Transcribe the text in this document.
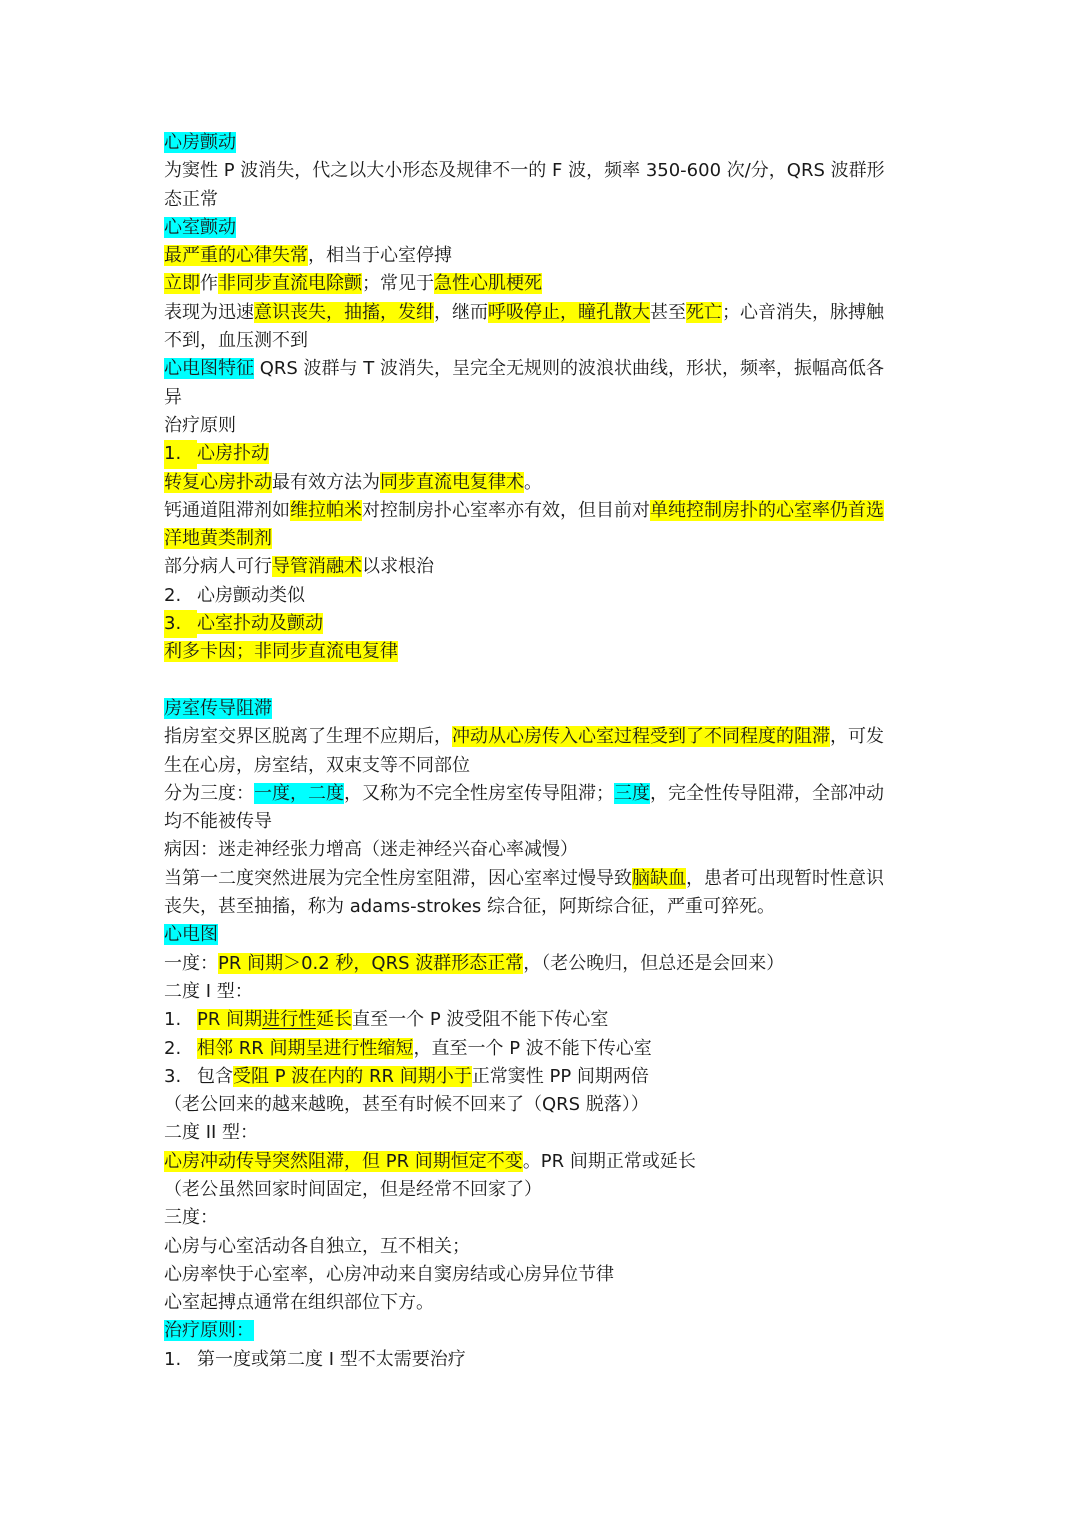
心房颤动
为窦性 P 波消失，代之以大小形态及规律不一的 F 波，频率 350-600 次/分，QRS 波群形
态正常
心室颤动
最严重的心律失常，相当于心室停搏
立即作非同步直流电除颤；常见于急性心肌梗死
表现为迅速意识丧失，抽搐，发绀，继而呼吸停止，瞳孔散大甚至死亡；心音消失，脉搏触
不到，血压测不到
心电图特征 QRS 波群与 T 波消失，呈完全无规则的波浪状曲线，形状，频率，振幅高低各
异
治疗原则
1. 心房扑动
转复心房扑动最有效方法为同步直流电复律术。
钙通道阻滞剂如维拉帕米对控制房扑心室率亦有效，但目前对单纯控制房扑的心室率仍首选
洋地黄类制剂
部分病人可行导管消融术以求根治
2. 心房颤动类似
3. 心室扑动及颤动
利多卡因；非同步直流电复律
房室传导阻滞
指房室交界区脱离了生理不应期后，冲动从心房传入心室过程受到了不同程度的阻滞，可发
生在心房，房室结，双束支等不同部位
分为三度：一度，二度，又称为不完全性房室传导阻滞；三度，完全性传导阻滞，全部冲动
均不能被传导
病因：迷走神经张力增高（迷走神经兴奋心率减慢）
当第一二度突然进展为完全性房室阻滞，因心室率过慢导致脑缺血，患者可出现暂时性意识
丧失，甚至抽搐，称为 adams-strokes 综合征，阿斯综合征，严重可猝死。
心电图
一度：PR 间期＞0.2 秒，QRS 波群形态正常，（老公晚归，但总还是会回来）
二度 I 型：
1. PR 间期进行性延长直至一个 P 波受阻不能下传心室
2. 相邻 RR 间期呈进行性缩短，直至一个 P 波不能下传心室
3. 包含受阻 P 波在内的 RR 间期小于正常窦性 PP 间期两倍
（老公回来的越来越晚，甚至有时候不回来了（QRS 脱落））
二度 II 型：
心房冲动传导突然阻滞，但 PR 间期恒定不变。PR 间期正常或延长
（老公虽然回家时间固定，但是经常不回家了）
三度：
心房与心室活动各自独立，互不相关；
心房率快于心室率，心房冲动来自窦房结或心房异位节律
心室起搏点通常在组织部位下方。
治疗原则：
1. 第一度或第二度 I 型不太需要治疗
